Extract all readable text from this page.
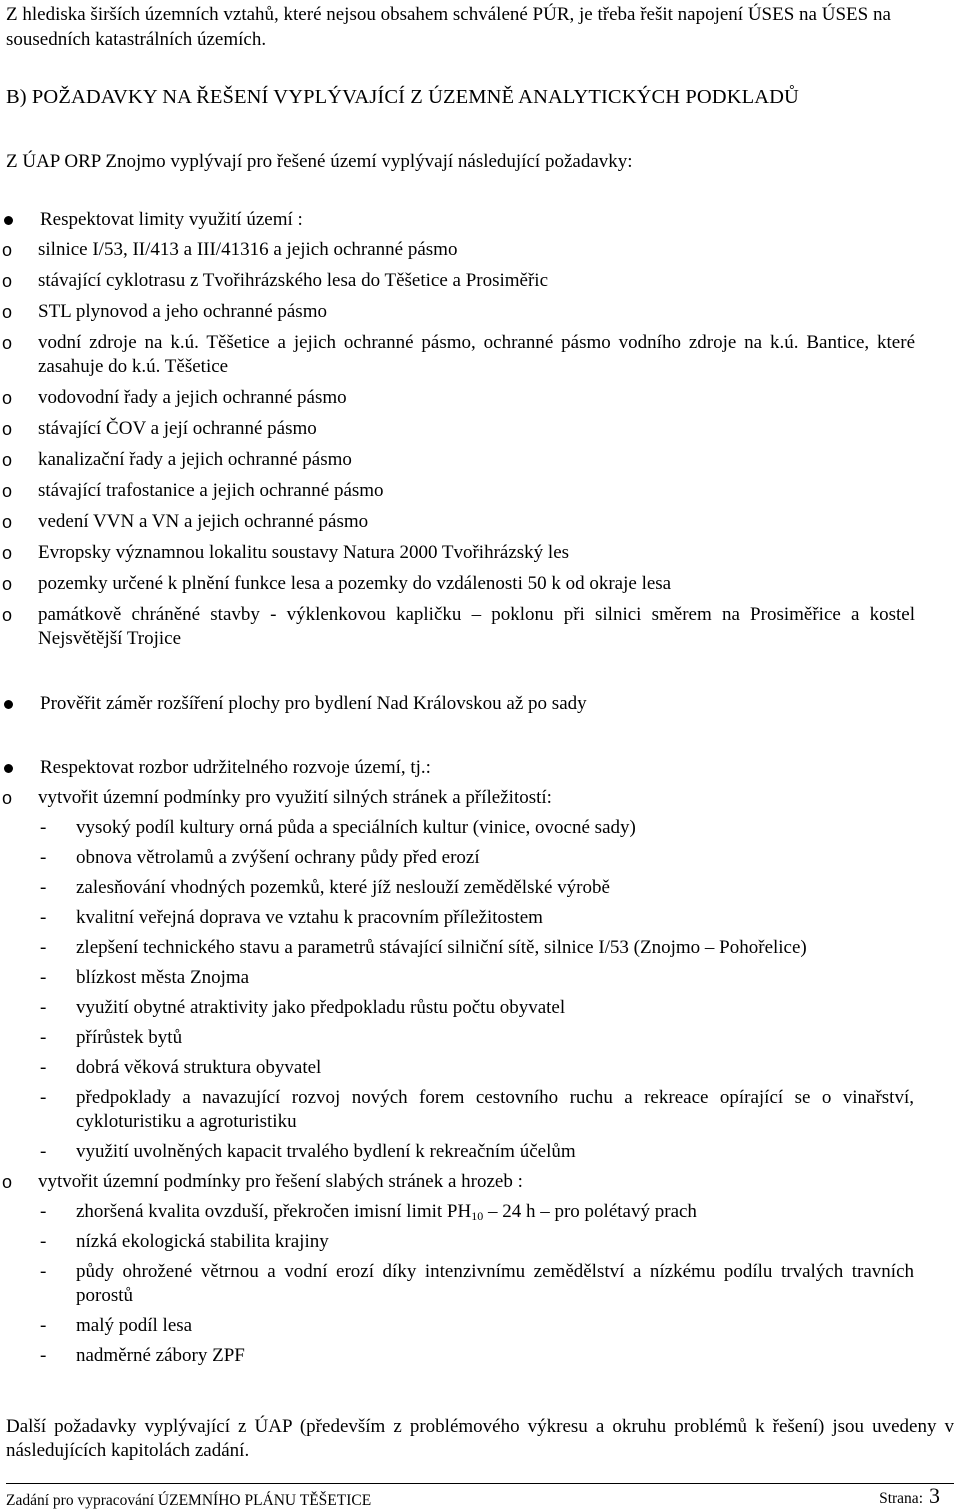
Z hlediska širších územních vztahů, které nejsou obsahem schválené PÚR, je třeba řešit napojení ÚSES na ÚSES na sousedních katastrálních územích.

B) POŽADAVKY NA ŘEŠENÍ VYPLÝVAJÍCÍ Z ÚZEMNĚ ANALYTICKÝCH PODKLADŮ

Z ÚAP ORP Znojmo vyplývají pro řešené území vyplývají následující požadavky:

Respektovat limity využití území :
o silnice I/53, II/413 a III/41316 a jejich ochranné pásmo
o stávající cyklotrasu z Tvořihrázského lesa do Těšetice a Prosiměřic
o STL plynovod a jeho ochranné pásmo
o vodní zdroje na k.ú. Těšetice a jejich ochranné pásmo, ochranné pásmo vodního zdroje na k.ú. Bantice, které zasahuje do k.ú. Těšetice
o vodovodní řady a jejich ochranné pásmo
o stávající ČOV a její ochranné pásmo
o kanalizační řady a jejich ochranné pásmo
o stávající trafostanice a jejich ochranné pásmo
o vedení VVN a VN a jejich ochranné pásmo
o Evropsky významnou lokalitu soustavy Natura 2000 Tvořihrázský les
o pozemky určené k plnění funkce lesa a pozemky do vzdálenosti 50 k od okraje lesa
o památkově chráněné stavby - výklenkovou kapličku – poklonu při silnici směrem na Prosiměřice a kostel Nejsvětější Trojice
Prověřit záměr rozšíření plochy pro bydlení Nad Královskou až po sady
Respektovat rozbor udržitelného rozvoje území, tj.:
o vytvořit územní podmínky pro využití silných stránek a příležitostí:
- vysoký podíl kultury orná půda a speciálních kultur (vinice, ovocné sady)
- obnova větrolamů a zvýšení ochrany půdy před erozí
- zalesňování vhodných pozemků, které jíž neslouží zemědělské výrobě
- kvalitní veřejná doprava ve vztahu k pracovním příležitostem
- zlepšení technického stavu a parametrů stávající silniční sítě, silnice I/53 (Znojmo – Pohořelice)
- blízkost města Znojma
- využití obytné atraktivity jako předpokladu růstu počtu obyvatel
- přírůstek bytů
- dobrá věková struktura obyvatel
- předpoklady a navazující rozvoj nových forem cestovního ruchu a rekreace opírající se o vinařství, cykloturistiku a agroturistiku
- využití uvolněných kapacit trvalého bydlení k rekreačním účelům
o vytvořit územní podmínky pro řešení slabých stránek a hrozeb :
- zhoršená kvalita ovzduší, překročen imisní limit $PH_{10} - 24$ h – pro polétavý prach
- nízká ekologická stabilita krajiny
- půdy ohrožené větrnou a vodní erozí díky intenzivnímu zemědělství a nízkému podílu trvalých travních porostů
- malý podíl lesa
- nadměrné zábory ZPF

Další požadavky vyplývající z ÚAP (především z problémového výkresu a okruhu problémů k řešení) jsou uvedeny v následujících kapitolách zadání.

Zadání pro vypracování ÚZEMNÍHO PLÁNU TĚŠETICE	Strana: 3
